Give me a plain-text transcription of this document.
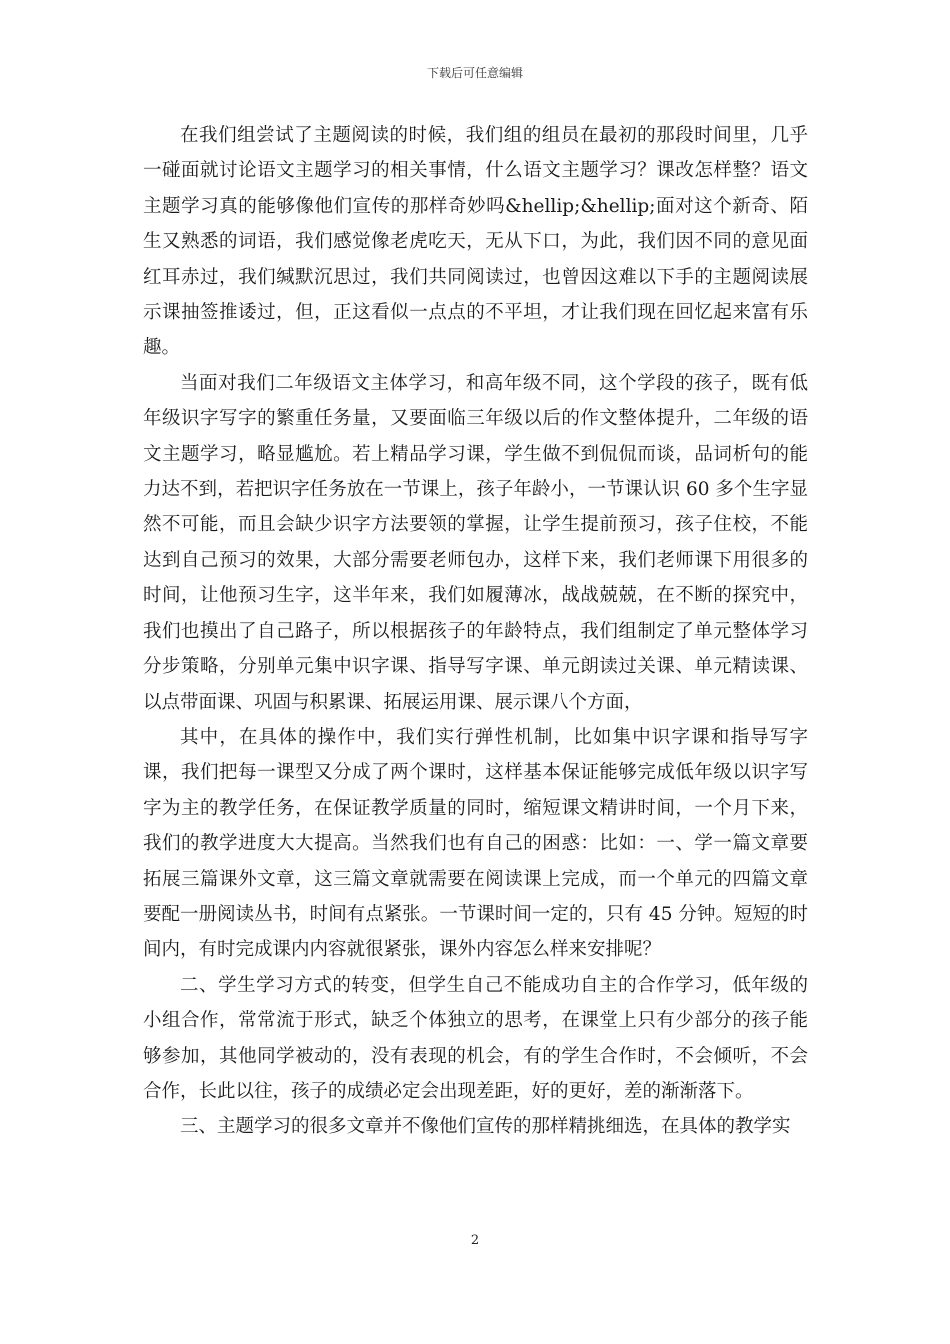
下载后可任意编辑

在我们组尝试了主题阅读的时候，我们组的组员在最初的那段时间里，几乎一碰面就讨论语文主题学习的相关事情，什么语文主题学习？课改怎样整？语文主题学习真的能够像他们宣传的那样奇妙吗&hellip;&hellip;面对这个新奇、陌生又熟悉的词语，我们感觉像老虎吃天，无从下口，为此，我们因不同的意见面红耳赤过，我们缄默沉思过，我们共同阅读过，也曾因这难以下手的主题阅读展示课抽签推诿过，但，正这看似一点点的不平坦，才让我们现在回忆起来富有乐趣。

当面对我们二年级语文主体学习，和高年级不同，这个学段的孩子，既有低年级识字写字的繁重任务量，又要面临三年级以后的作文整体提升，二年级的语文主题学习，略显尴尬。若上精品学习课，学生做不到侃侃而谈，品词析句的能力达不到，若把识字任务放在一节课上，孩子年龄小，一节课认识 60 多个生字显然不可能，而且会缺少识字方法要领的掌握，让学生提前预习，孩子住校，不能达到自己预习的效果，大部分需要老师包办，这样下来，我们老师课下用很多的时间，让他预习生字，这半年来，我们如履薄冰，战战兢兢，在不断的探究中，我们也摸出了自己路子，所以根据孩子的年龄特点，我们组制定了单元整体学习分步策略，分别单元集中识字课、指导写字课、单元朗读过关课、单元精读课、以点带面课、巩固与积累课、拓展运用课、展示课八个方面，

其中，在具体的操作中，我们实行弹性机制，比如集中识字课和指导写字课，我们把每一课型又分成了两个课时，这样基本保证能够完成低年级以识字写字为主的教学任务，在保证教学质量的同时，缩短课文精讲时间，一个月下来，我们的教学进度大大提高。当然我们也有自己的困惑：比如：一、学一篇文章要拓展三篇课外文章，这三篇文章就需要在阅读课上完成，而一个单元的四篇文章要配一册阅读丛书，时间有点紧张。一节课时间一定的，只有 45 分钟。短短的时间内，有时完成课内内容就很紧张，课外内容怎么样来安排呢？

二、学生学习方式的转变，但学生自己不能成功自主的合作学习，低年级的小组合作，常常流于形式，缺乏个体独立的思考，在课堂上只有少部分的孩子能够参加，其他同学被动的，没有表现的机会，有的学生合作时，不会倾听，不会合作，长此以往，孩子的成绩必定会出现差距，好的更好，差的渐渐落下。

三、主题学习的很多文章并不像他们宣传的那样精挑细选，在具体的教学实

2
